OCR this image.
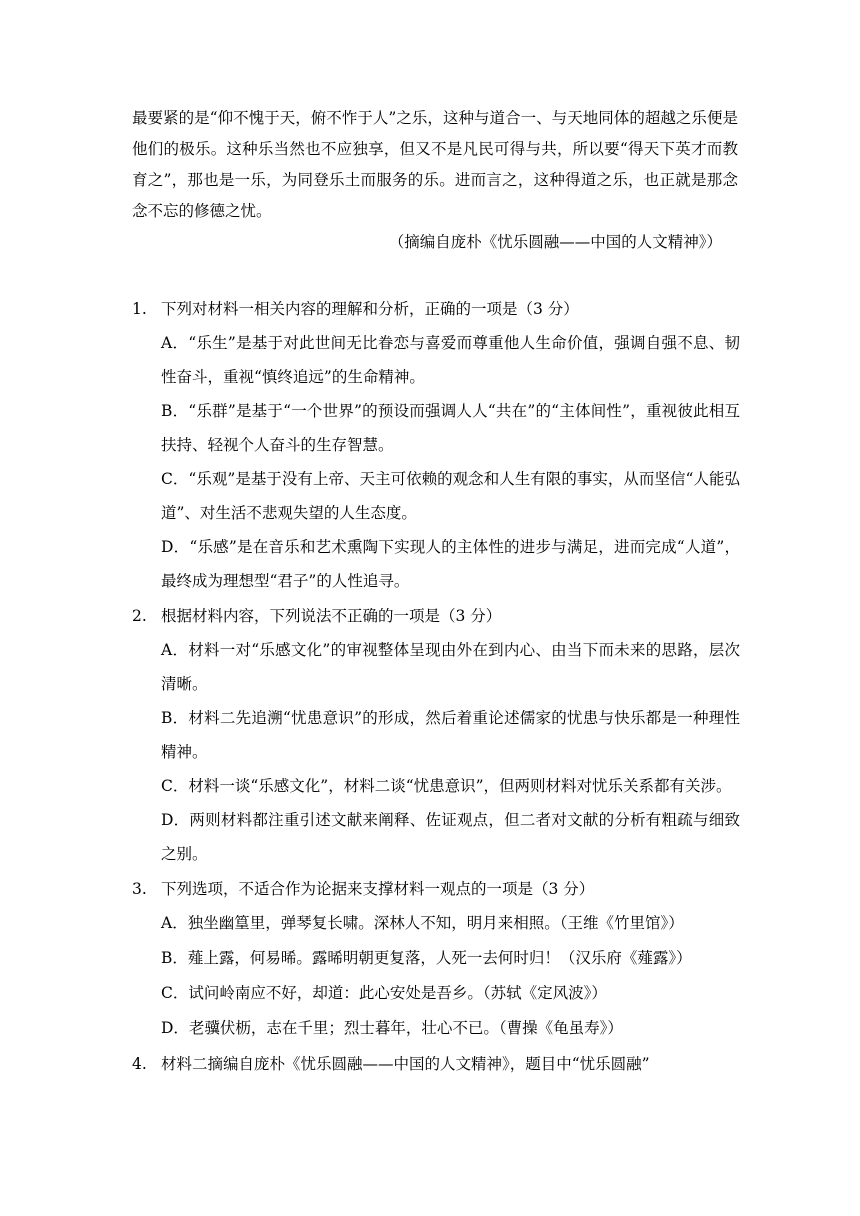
最要紧的是“仰不愧于天，俯不怍于人”之乐，这种与道合一、与天地同体的超越之乐便是他们的极乐。这种乐当然也不应独享，但又不是凡民可得与共，所以要“得天下英才而教育之”，那也是一乐，为同登乐土而服务的乐。进而言之，这种得道之乐，也正就是那念念不忘的修德之忧。

（摘编自庞朴《忧乐圆融——中国的人文精神》）
1. 下列对材料一相关内容的理解和分析，正确的一项是（3 分）
A．“乐生”是基于对此世间无比眷恋与喜爱而尊重他人生命价值，强调自强不息、韧性奋斗，重视“慎终追远”的生命精神。
B．“乐群”是基于“一个世界”的预设而强调人人“共在”的“主体间性”，重视彼此相互扶持、轻视个人奋斗的生存智慧。
C．“乐观”是基于没有上帝、天主可依赖的观念和人生有限的事实，从而坚信“人能弘道”、对生活不悲观失望的人生态度。
D．“乐感”是在音乐和艺术熏陶下实现人的主体性的进步与满足，进而完成“人道”，最终成为理想型“君子”的人性追寻。
2. 根据材料内容，下列说法不正确的一项是（3 分）
A．材料一对“乐感文化”的审视整体呈现由外在到内心、由当下而未来的思路，层次清晰。
B．材料二先追溯“忧患意识”的形成，然后着重论述儒家的忧患与快乐都是一种理性精神。
C．材料一谈“乐感文化”，材料二谈“忧患意识”，但两则材料对忧乐关系都有关涉。
D．两则材料都注重引述文献来阐释、佐证观点，但二者对文献的分析有粗疏与细致之别。
3. 下列选项，不适合作为论据来支撑材料一观点的一项是（3 分）
A．独坐幽篁里，弹琴复长啸。深林人不知，明月来相照。（王维《竹里馆》）
B．薤上露，何易晞。露晞明朝更复落，人死一去何时归！（汉乐府《薤露》）
C．试问岭南应不好，却道：此心安处是吾乡。（苏轼《定风波》）
D．老骥伏枥，志在千里；烈士暮年，壮心不已。（曹操《龟虽寿》）
4. 材料二摘编自庞朴《忧乐圆融——中国的人文精神》，题目中“忧乐圆融”
